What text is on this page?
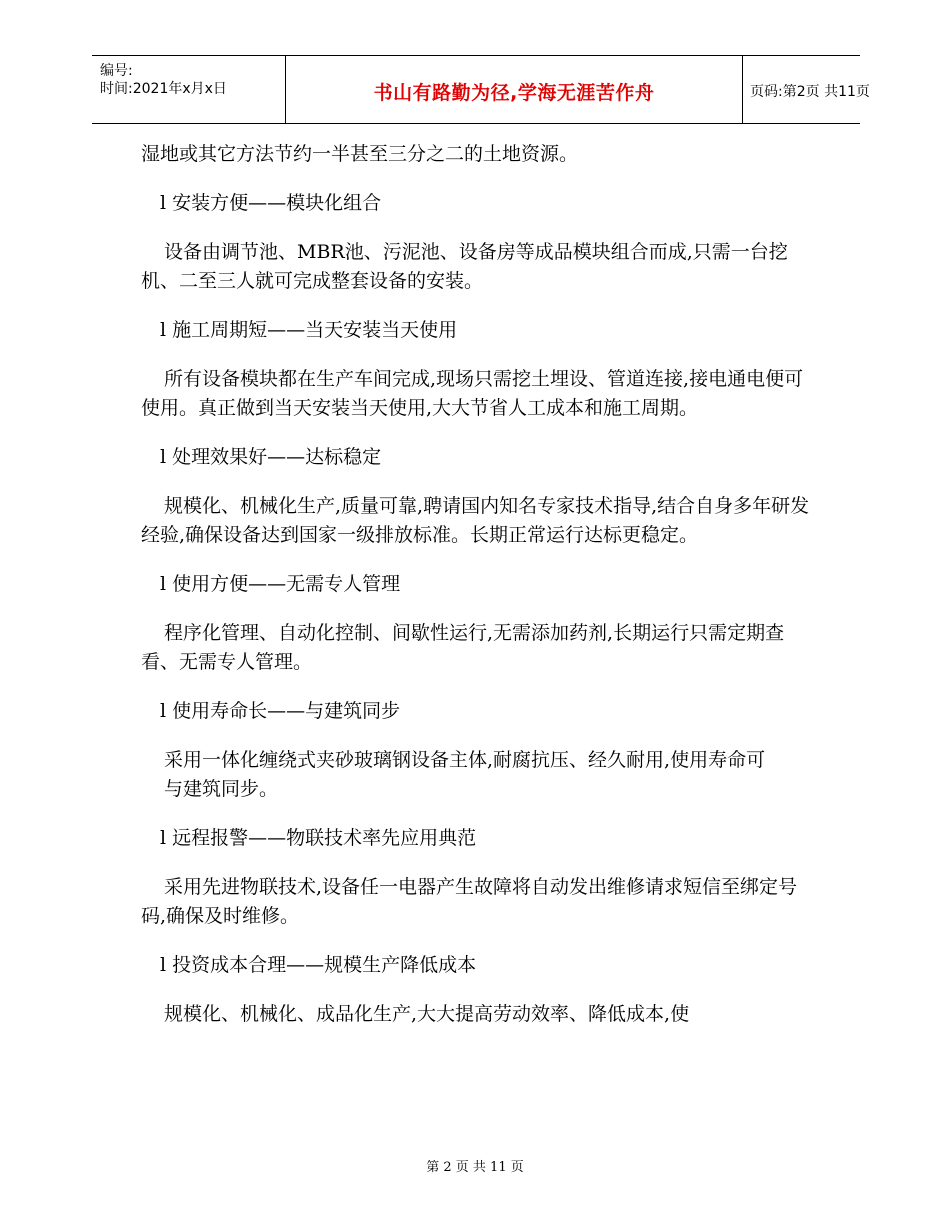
编号:
时间:2021年x月x日	书山有路勤为径,学海无涯苦作舟	页码:第2页 共11页

湿地或其它方法节约一半甚至三分之二的土地资源。

l 安装方便——模块化组合

设备由调节池、MBR池、污泥池、设备房等成品模块组合而成,只需一台挖机、二至三人就可完成整套设备的安装。

l 施工周期短——当天安装当天使用

所有设备模块都在生产车间完成,现场只需挖土埋设、管道连接,接电通电便可使用。真正做到当天安装当天使用,大大节省人工成本和施工周期。

l 处理效果好——达标稳定

规模化、机械化生产,质量可靠,聘请国内知名专家技术指导,结合自身多年研发经验,确保设备达到国家一级排放标准。长期正常运行达标更稳定。

l 使用方便——无需专人管理

程序化管理、自动化控制、间歇性运行,无需添加药剂,长期运行只需定期查看、无需专人管理。

l 使用寿命长——与建筑同步

采用一体化缠绕式夹砂玻璃钢设备主体,耐腐抗压、经久耐用,使用寿命可

与建筑同步。

l 远程报警——物联技术率先应用典范

采用先进物联技术,设备任一电器产生故障将自动发出维修请求短信至绑定号码,确保及时维修。

l 投资成本合理——规模生产降低成本

规模化、机械化、成品化生产,大大提高劳动效率、降低成本,使

第 2 页 共 11 页
